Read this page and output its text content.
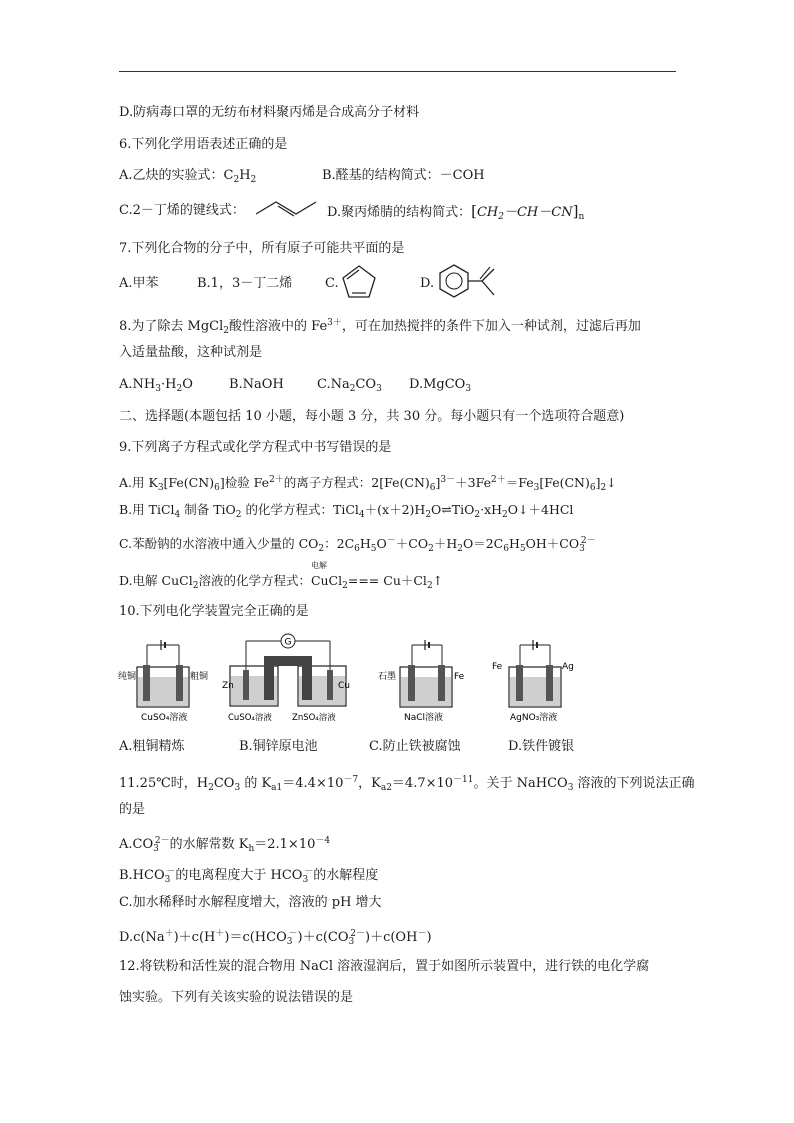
D.防病毒口罩的无纺布材料聚丙烯是合成高分子材料
6.下列化学用语表述正确的是
A.乙炔的实验式：$C_2H_2$	B.醛基的结构简式：－COH
C.2－丁烯的键线式：	D.聚丙烯腈的结构简式：$[CH_2-CH-CN]_n$
7.下列化合物的分子中，所有原子可能共平面的是
A.甲苯	B.1，3－丁二烯	C.	D.
8.为了除去 MgCl$_2$酸性溶液中的 $Fe^{3+}$，可在加热搅拌的条件下加入一种试剂，过滤后再加
入适量盐酸，这种试剂是
$A.NH_3\cdot H_2O$	B.NaOH	$C.Na_2CO_3$ D.MgCO$_3$
二、选择题(本题包括 10 小题，每小题 3 分，共 30 分。每小题只有一个选项符合题意)
9.下列离子方程式或化学方程式中书写错误的是
A.用 $K_3[Fe(CN)_6]$检验 $Fe^{2+}$的离子方程式：$2[Fe(CN)_6]^{3-}+3Fe^{2+}=Fe_3[Fe(CN)_6]_2↓$
B.用 TiCl$_4$ 制备 TiO$_2$ 的化学方程式：$TiCl_4+(x+2)H_2O\rightleftharpoons TiO_2\cdot xH_2O↓+4HCl$
C.苯酚钠的水溶液中通入少量的 $CO_2$：$2C_6H_5O^-+CO_2+H_2O=2C_6H_5OH+CO_3^{2-}$
电解
D.电解 CuCl$_2$溶液的化学方程式：CuCl$_2$=== $Cu+Cl_2↑$
10.下列电化学装置完全正确的是
纯铜	粗铜
CuSO₄溶液
G
盐桥
Zn	Cu
CuSO₄溶液 ZnSO₄溶液
石墨	Fe
NaCl溶液
Fe	Ag
AgNO₃溶液
A.粗铜精炼	B.铜锌原电池	C.防止铁被腐蚀	D.铁件镀银
11.25℃时，$H_2CO_3$ 的 $K_{a1}=4.4\times 10^{-7}$，$K_{a2}=4.7\times 10^{-11}$。关于 NaHCO$_3$ 溶液的下列说法正确
的是
$A.CO_3^{2-}$的水解常数 $K_h=2.1\times 10^{-4}$
$B.HCO_3^-$的电离程度大于 $HCO_3^-$的水解程度
C.加水稀释时水解程度增大，溶液的 pH 增大
$D.c(Na^+)+c(H^+)=c(HCO_3^-)+c(CO_3^{2-})+c(OH^-)$
12.将铁粉和活性炭的混合物用 NaCl 溶液湿润后，置于如图所示装置中，进行铁的电化学腐
蚀实验。下列有关该实验的说法错误的是
